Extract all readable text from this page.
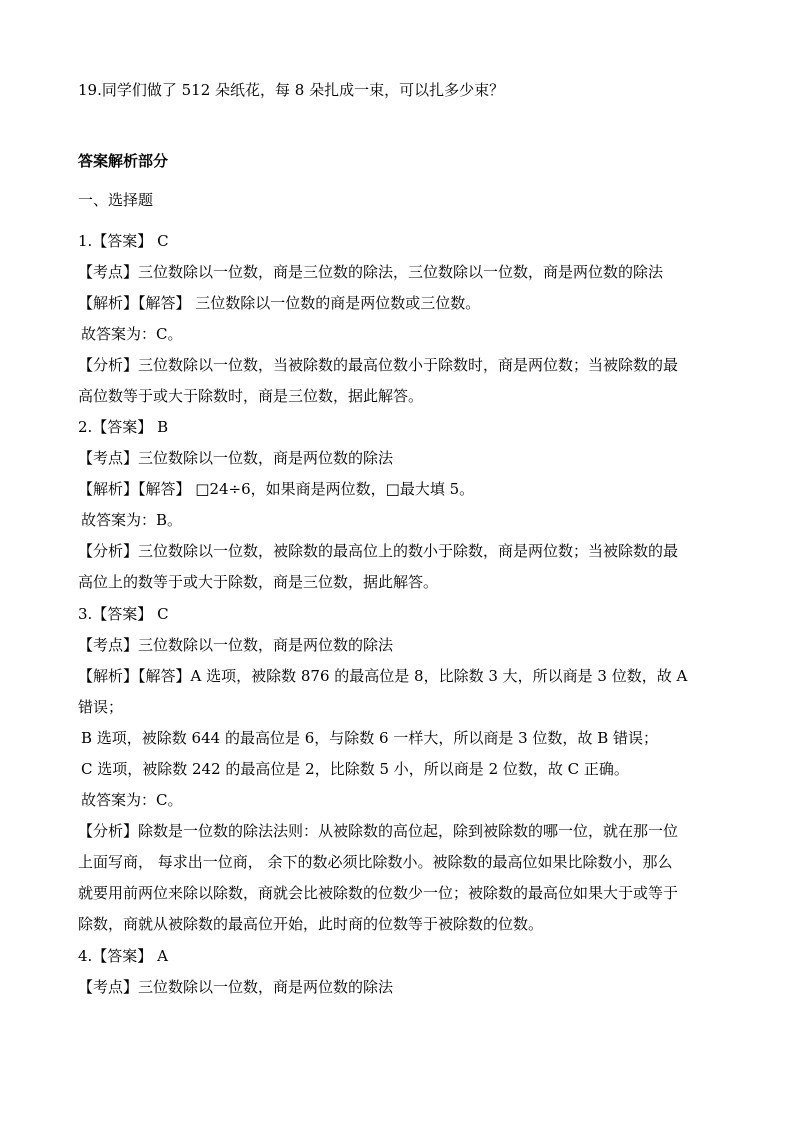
19.同学们做了 512 朵纸花，每 8 朵扎成一束，可以扎多少束？
答案解析部分
一、选择题
1.【答案】 C
【考点】三位数除以一位数，商是三位数的除法，三位数除以一位数，商是两位数的除法
【解析】【解答】 三位数除以一位数的商是两位数或三位数。
故答案为：C。
【分析】三位数除以一位数，当被除数的最高位数小于除数时，商是两位数；当被除数的最
高位数等于或大于除数时，商是三位数，据此解答。
2.【答案】 B
【考点】三位数除以一位数，商是两位数的除法
【解析】【解答】 □24÷6，如果商是两位数，□最大填 5。
故答案为：B。
【分析】三位数除以一位数，被除数的最高位上的数小于除数，商是两位数；当被除数的最
高位上的数等于或大于除数，商是三位数，据此解答。
3.【答案】 C
【考点】三位数除以一位数，商是两位数的除法
【解析】【解答】A 选项，被除数 876 的最高位是 8，比除数 3 大，所以商是 3 位数，故 A
错误；
B 选项，被除数 644 的最高位是 6，与除数 6 一样大，所以商是 3 位数，故 B 错误；
C 选项，被除数 242 的最高位是 2，比除数 5 小，所以商是 2 位数，故 C 正确。
故答案为：C。
【分析】除数是一位数的除法法则：从被除数的高位起，除到被除数的哪一位，就在那一位
上面写商， 每求出一位商， 余下的数必须比除数小。被除数的最高位如果比除数小，那么
就要用前两位来除以除数，商就会比被除数的位数少一位；被除数的最高位如果大于或等于
除数，商就从被除数的最高位开始，此时商的位数等于被除数的位数。
4.【答案】 A
【考点】三位数除以一位数，商是两位数的除法
